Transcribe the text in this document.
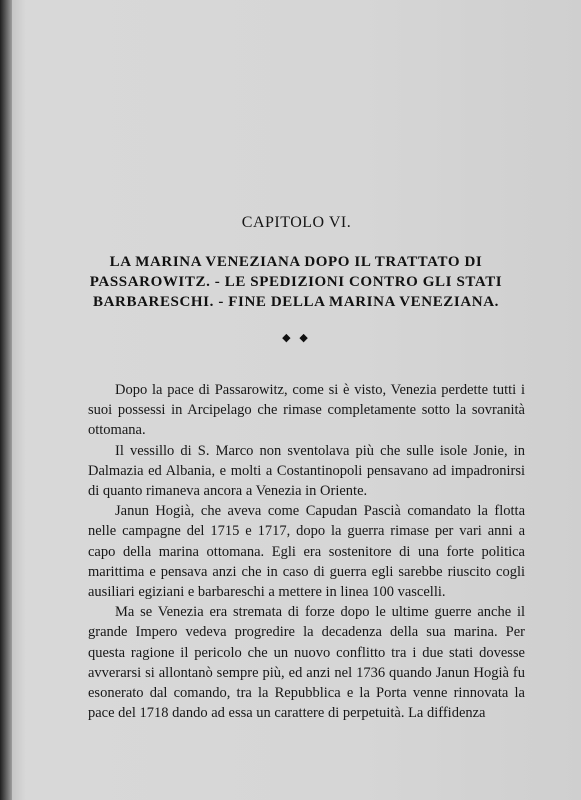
CAPITOLO VI.
LA MARINA VENEZIANA DOPO IL TRATTATO DI PASSAROWITZ. - LE SPEDIZIONI CONTRO GLI STATI BARBARESCHI. - FINE DELLA MARINA VENEZIANA.
◆ ◆

Dopo la pace di Passarowitz, come si è visto, Venezia perdette tutti i suoi possessi in Arcipelago che rimase completamente sotto la sovranità ottomana.

Il vessillo di S. Marco non sventolava più che sulle isole Jonie, in Dalmazia ed Albania, e molti a Costantinopoli pensavano ad impadronirsi di quanto rimaneva ancora a Venezia in Oriente.

Janun Hogià, che aveva come Capudan Pascià comandato la flotta nelle campagne del 1715 e 1717, dopo la guerra rimase per vari anni a capo della marina ottomana. Egli era sostenitore di una forte politica marittima e pensava anzi che in caso di guerra egli sarebbe riuscito cogli ausiliari egiziani e barbareschi a mettere in linea 100 vascelli.

Ma se Venezia era stremata di forze dopo le ultime guerre anche il grande Impero vedeva progredire la decadenza della sua marina. Per questa ragione il pericolo che un nuovo conflitto tra i due stati dovesse avverarsi si allontanò sempre più, ed anzi nel 1736 quando Janun Hogià fu esonerato dal comando, tra la Repubblica e la Porta venne rinnovata la pace del 1718 dando ad essa un carattere di perpetuità. La diffidenza
